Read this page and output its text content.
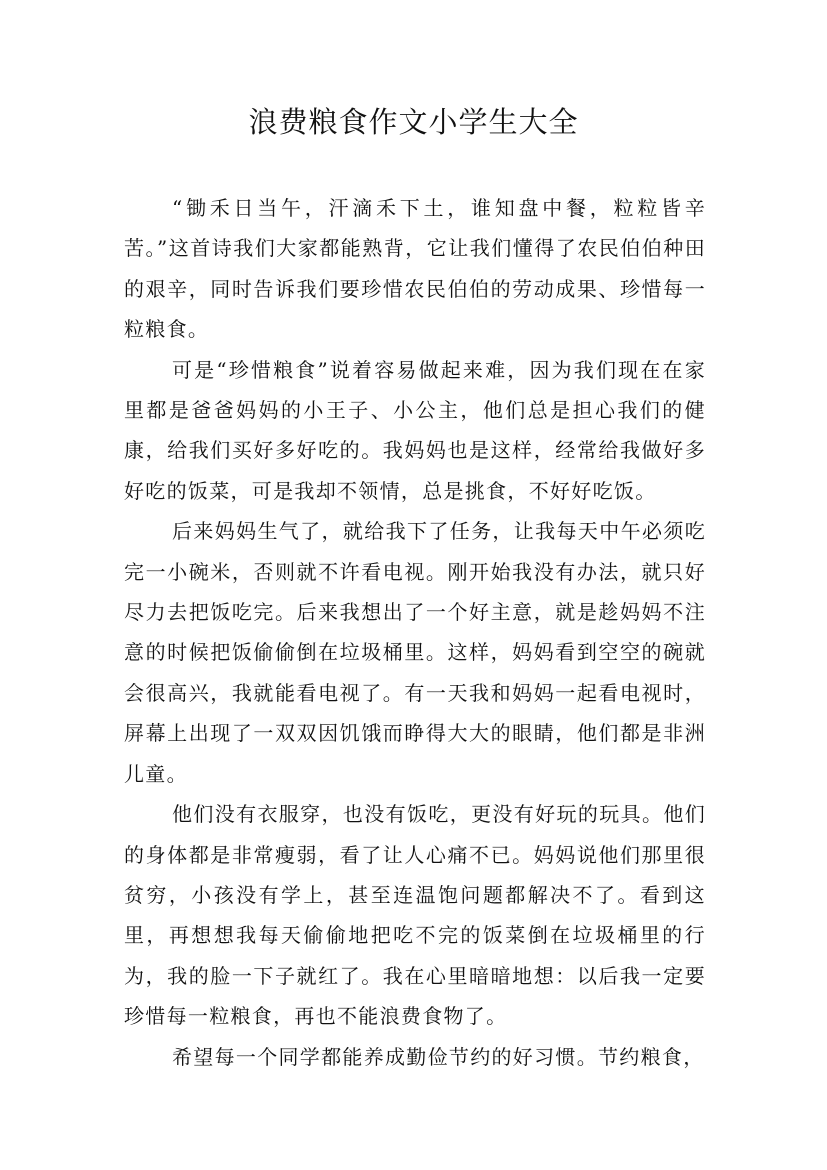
浪费粮食作文小学生大全

“锄禾日当午，汗滴禾下土，谁知盘中餐，粒粒皆辛苦。”这首诗我们大家都能熟背，它让我们懂得了农民伯伯种田的艰辛，同时告诉我们要珍惜农民伯伯的劳动成果、珍惜每一粒粮食。

可是“珍惜粮食”说着容易做起来难，因为我们现在在家里都是爸爸妈妈的小王子、小公主，他们总是担心我们的健康，给我们买好多好吃的。我妈妈也是这样，经常给我做好多好吃的饭菜，可是我却不领情，总是挑食，不好好吃饭。

后来妈妈生气了，就给我下了任务，让我每天中午必须吃完一小碗米，否则就不许看电视。刚开始我没有办法，就只好尽力去把饭吃完。后来我想出了一个好主意，就是趁妈妈不注意的时候把饭偷偷倒在垃圾桶里。这样，妈妈看到空空的碗就会很高兴，我就能看电视了。有一天我和妈妈一起看电视时，屏幕上出现了一双双因饥饿而睁得大大的眼睛，他们都是非洲儿童。

他们没有衣服穿，也没有饭吃，更没有好玩的玩具。他们的身体都是非常瘦弱，看了让人心痛不已。妈妈说他们那里很贫穷，小孩没有学上，甚至连温饱问题都解决不了。看到这里，再想想我每天偷偷地把吃不完的饭菜倒在垃圾桶里的行为，我的脸一下子就红了。我在心里暗暗地想：以后我一定要珍惜每一粒粮食，再也不能浪费食物了。

希望每一个同学都能养成勤俭节约的好习惯。节约粮食，
